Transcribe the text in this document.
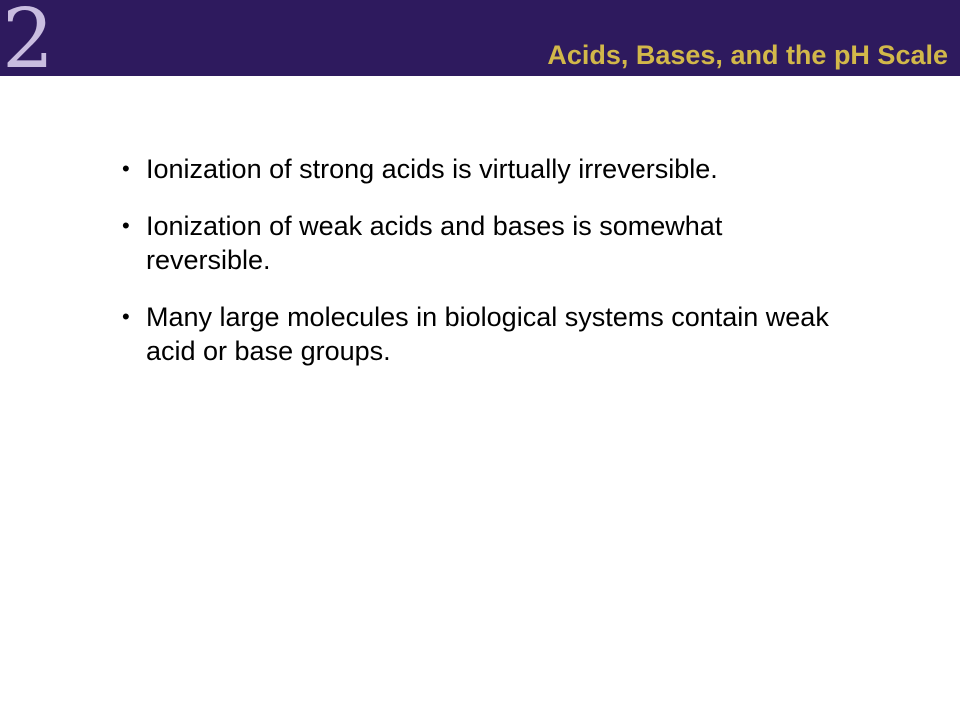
2	Acids, Bases, and the pH Scale
• Ionization of strong acids is virtually irreversible.
• Ionization of weak acids and bases is somewhat reversible.
• Many large molecules in biological systems contain weak acid or base groups.
